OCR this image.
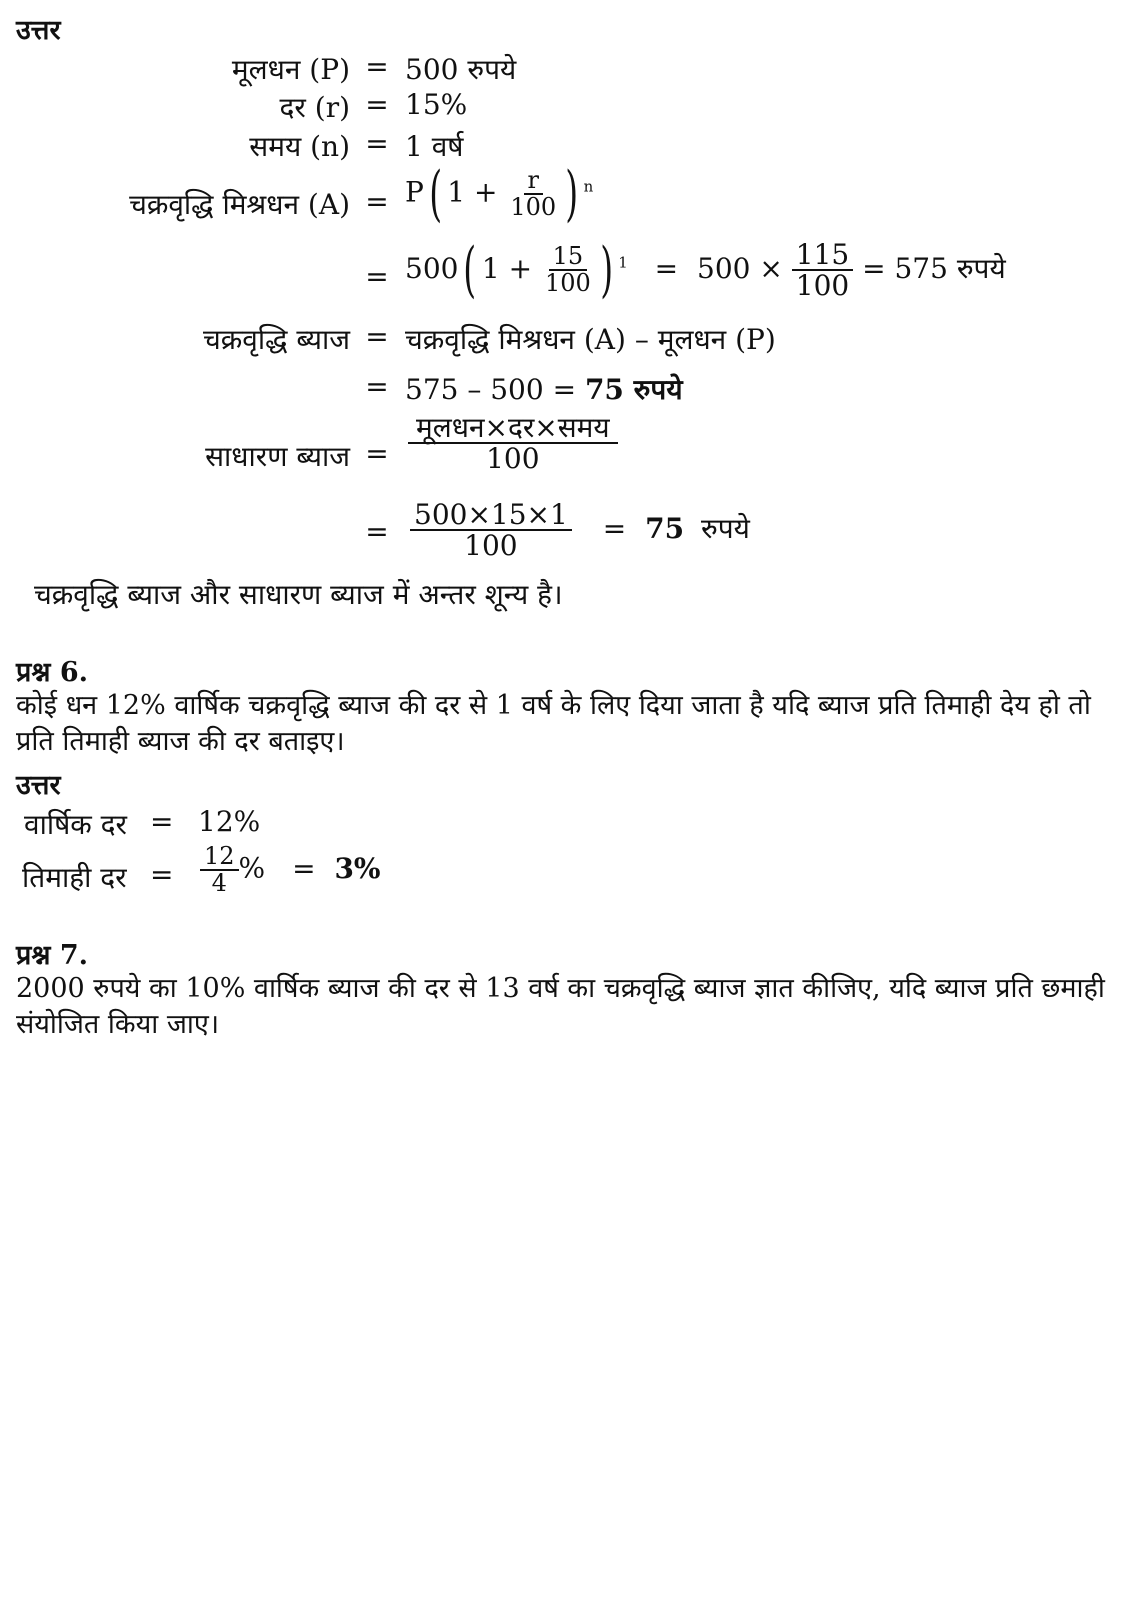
उत्तर
मूलधन (P) = 500 रुपये
दर (r) = 15%
समय (n) = 1 वर्ष
चक्रवृद्धि मिश्रधन (A) = P( $1 + \frac{r}{100}$ ) $^n$
= 500( $1 + \frac{15}{100}$ ) $^1 = 500 \times \frac{115}{100} = 575$ रुपये
चक्रवृद्धि ब्याज = चक्रवृद्धि मिश्रधन (A) – मूलधन (P)
= 575 – 500 = 75 रुपये
साधारण ब्याज = $\frac{\text{मूलधन×दर×समय}}{100}$
= $\frac{500\times 15\times 1}{100} = 75$ रुपये
चक्रवृद्धि ब्याज और साधारण ब्याज में अन्तर शून्य है।
प्रश्न 6.
कोई धन 12% वार्षिक चक्रवृद्धि ब्याज की दर से 1 वर्ष के लिए दिया जाता है यदि ब्याज प्रति तिमाही देय हो तो प्रति तिमाही ब्याज की दर बताइए।
उत्तर
वार्षिक दर = 12%
तिमाही दर = $\frac{12}{4}$ % = 3%
प्रश्न 7.
2000 रुपये का 10% वार्षिक ब्याज की दर से 13 वर्ष का चक्रवृद्धि ब्याज ज्ञात कीजिए, यदि ब्याज प्रति छमाही संयोजित किया जाए।
